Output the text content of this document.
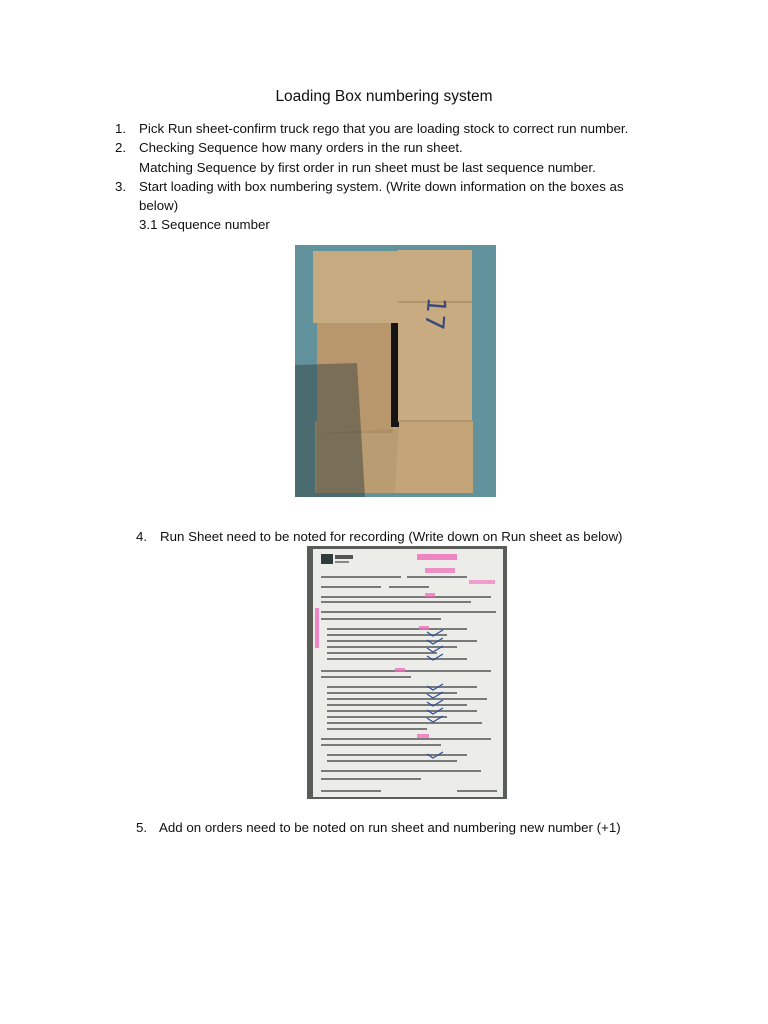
Loading Box numbering system
1. Pick Run sheet-confirm truck rego that you are loading stock to correct run number.
2. Checking Sequence how many orders in the run sheet.
Matching Sequence by first order in run sheet must be last sequence number.
3. Start loading with box numbering system. (Write down information on the boxes as
below)
3.1 Sequence number
17
4. Run Sheet need to be noted for recording (Write down on Run sheet as below)
5. Add on orders need to be noted on run sheet and numbering new number (+1)
